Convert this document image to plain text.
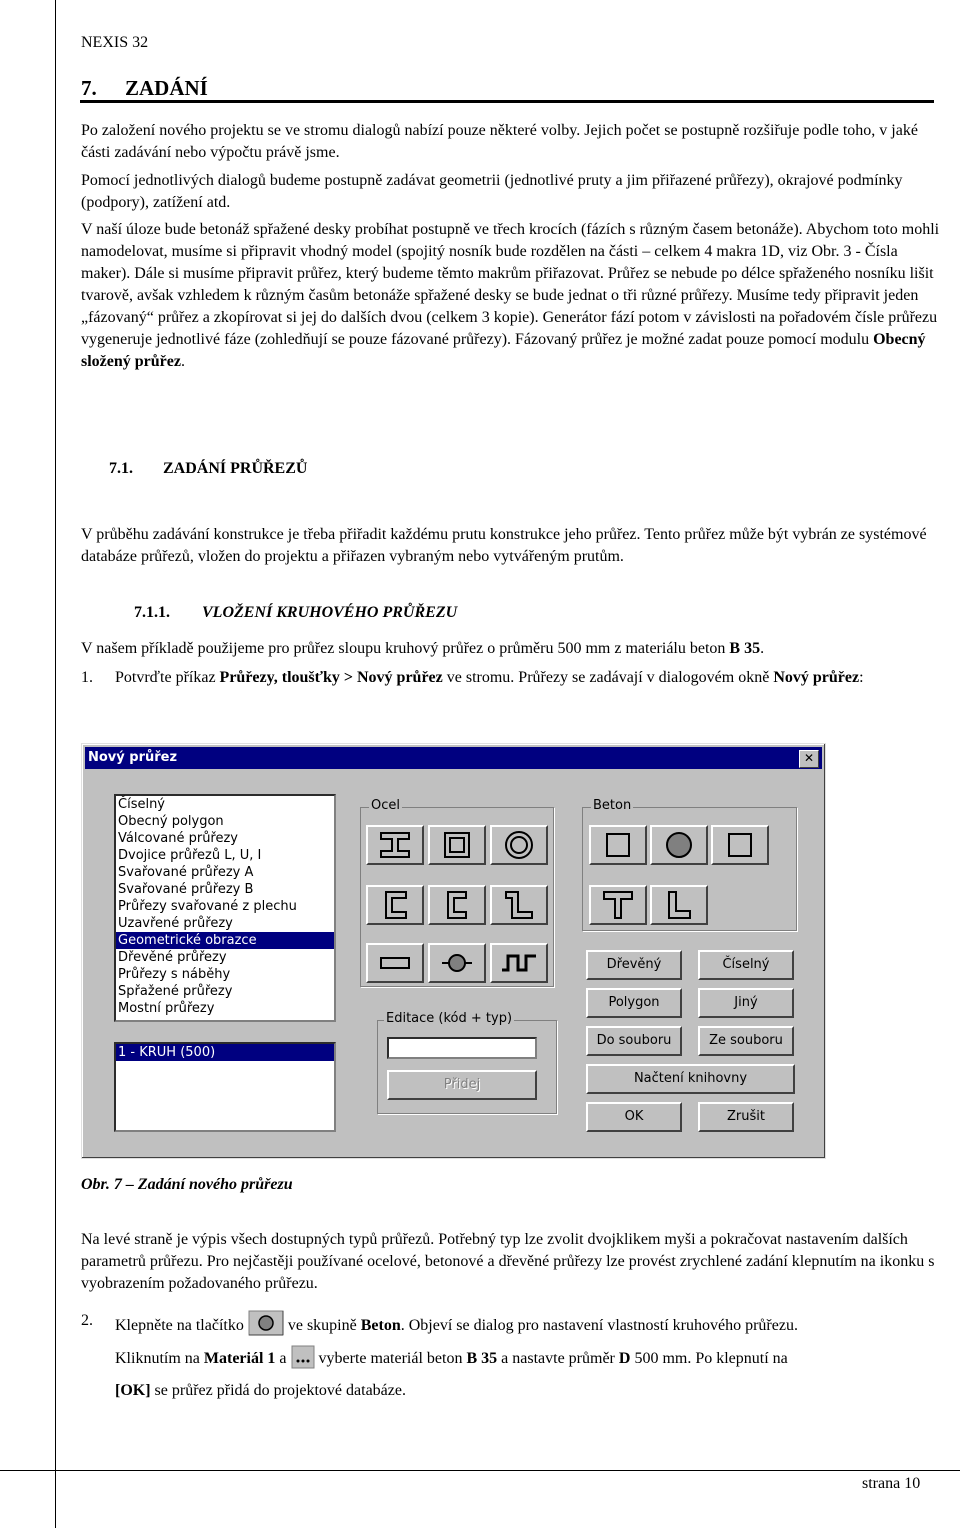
NEXIS 32
7. ZADÁNÍ

Po založení nového projektu se ve stromu dialogů nabízí pouze některé volby. Jejich počet se postupně rozšiřuje podle toho, v jaké části zadávání nebo výpočtu právě jsme.

Pomocí jednotlivých dialogů budeme postupně zadávat geometrii (jednotlivé pruty a jim přiřazené průřezy), okrajové podmínky (podpory), zatížení atd.

V naší úloze bude betonáž spřažené desky probíhat postupně ve třech krocích (fázích s různým časem betonáže). Abychom toto mohli namodelovat, musíme si připravit vhodný model (spojitý nosník bude rozdělen na části – celkem 4 makra 1D, viz Obr. 3 - Čísla maker). Dále si musíme připravit průřez, který budeme těmto makrům přiřazovat. Průřez se nebude po délce spřaženého nosníku lišit tvarově, avšak vzhledem k různým časům betonáže spřažené desky se bude jednat o tři různé průřezy. Musíme tedy připravit jeden „fázovaný“ průřez a zkopírovat si jej do dalších dvou (celkem 3 kopie). Generátor fází potom v závislosti na pořadovém čísle průřezu vygeneruje jednotlivé fáze (zohledňují se pouze fázované průřezy). Fázovaný průřez je možné zadat pouze pomocí modulu Obecný složený průřez.

7.1. ZADÁNÍ PRŮŘEZŮ

V průběhu zadávání konstrukce je třeba přiřadit každému prutu konstrukce jeho průřez. Tento průřez může být vybrán ze systémové databáze průřezů, vložen do projektu a přiřazen vybraným nebo vytvářeným prutům.

7.1.1. VLOŽENÍ KRUHOVÉHO PRŮŘEZU

V našem příkladě použijeme pro průřez sloupu kruhový průřez o průměru 500 mm z materiálu beton B 35.

1. Potvrďte příkaz Průřezy, tloušťky > Nový průřez ve stromu. Průřezy se zadávají v dialogovém okně Nový průřez:
Nový průřez	✕
Číselný
Obecný polygon
Válcované průřezy
Dvojice průřezů L, U, I
Svařované průřezy A
Svařované průřezy B
Průřezy svařované z plechu
Uzavřené průřezy
Geometrické obrazce
Dřevěné průřezy
Průřezy s náběhy
Spřažené průřezy
Mostní průřezy
1 - KRUH (500)
Ocel
Editace (kód + typ)
Přidej
Beton
Dřevěný	Číselný
Polygon	Jiný
Do souboru	Ze souboru
Načtení knihovny
OK	Zrušit
Obr. 7 – Zadání nového průřezu

Na levé straně je výpis všech dostupných typů průřezů. Potřebný typ lze zvolit dvojklikem myši a pokračovat nastavením dalších parametrů průřezu. Pro nejčastěji používané ocelové, betonové a dřevěné průřezy lze provést zrychlené zadání klepnutím na ikonku s vyobrazením požadovaného průřezu.

2. Klepněte na tlačítko  ve skupině Beton. Objeví se dialog pro nastavení vlastností kruhového průřezu.
Kliknutím na Materiál 1 a  vyberte materiál beton B 35 a nastavte průměr D 500 mm. Po klepnutí na
[OK] se průřez přidá do projektové databáze.
strana 10
